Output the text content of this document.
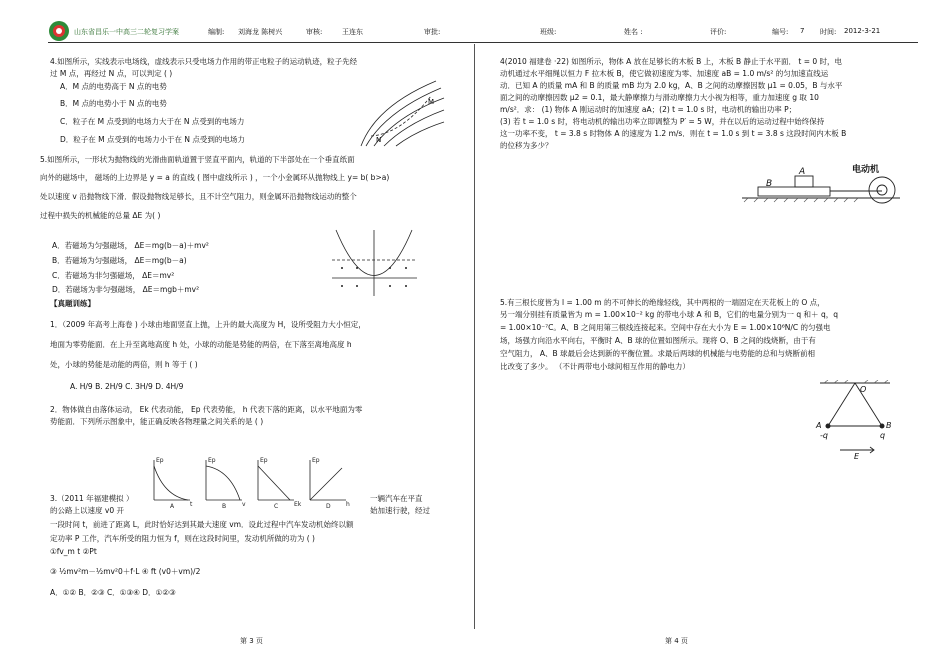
山东省昌乐一中高三二轮复习学案	编制: 刘海龙 陈树兴	审核:	王连东	审批:	班级:	姓名 :	评价:	编号: 7 时间: 2012-3-21
4.如图所示，实线表示电场线，虚线表示只受电场力作用的带正电粒子的运动轨迹，粒子先经
过 M 点，再经过 N 点，可以判定 ( )
A．M 点的电势高于 N 点的电势
B．M 点的电势小于 N 点的电势
C．粒子在 M 点受到的电场力大于在 N 点受到的电场力
D．粒子在 M 点受到的电场力小于在 N 点受到的电场力
M
N
5.如图所示，一形状为抛物线的光滑曲面轨道置于竖直平面内，轨道的下半部处在一个垂直纸面
向外的磁场中， 磁场的上边界是 y = a 的直线 ( 图中虚线所示 ) ，一个小金属环从抛物线上 y= b( b>a)
处以速度 v 沿抛物线下滑．假设抛物线足够长，且不计空气阻力，则金属环沿抛物线运动的整个
过程中损失的机械能的总量 ΔE 为( )
A．若磁场为匀强磁场， ΔE＝mg(b－a)＋mv²
B．若磁场为匀强磁场， ΔE＝mg(b－a)
C．若磁场为非匀强磁场， ΔE＝mv²
D．若磁场为非匀强磁场， ΔE＝mgb＋mv²
【真题训练】
1．（2009 年高考上海卷 ) 小球由地面竖直上抛，上升的最大高度为 H，设所受阻力大小恒定，
地面为零势能面．在上升至离地高度 h 处，小球的动能是势能的两倍，在下落至离地高度 h
处，小球的势能是动能的两倍，则 h 等于 ( )
A. H/9 B. 2H/9 C. 3H/9 D. 4H/9
2．物体做自由落体运动， Ek 代表动能， Ep 代表势能， h 代表下落的距离，以水平地面为零
势能面．下列所示图象中，能正确反映各物理量之间关系的是 ( )
Ep	Ep	Ep	Ep
t	v	Ek	h
A	B	C	D
3.（2011 年福建模拟 ）	一辆汽车在平直
的公路上以速度 v0 开	始加速行驶，经过
一段时间 t，前进了距离 L，此时恰好达到其最大速度 vm．设此过程中汽车发动机始终以额
定功率 P 工作，汽车所受的阻力恒为 f，则在这段时间里，发动机所做的功为 ( )
①fv_m t ②Pt
③ ½mv²m－½mv²0＋f·L ④ ft (v0＋vm)/2
A．①② B．②③ C．①③④ D．①②③
第 3 页
4(2010 福建卷 ·22) 如图所示，物体 A 放在足够长的木板 B 上，木板 B 静止于水平面． t = 0 时，电
动机通过水平细绳以恒力 F 拉木板 B，使它做初速度为零、加速度 aB = 1.0 m/s² 的匀加速直线运
动．已知 A 的质量 mA 和 B 的质量 mB 均为 2.0 kg，A、B 之间的动摩擦因数 μ1 = 0.05，B 与水平
面之间的动摩擦因数 μ2 = 0.1，最大静摩擦力与滑动摩擦力大小视为相等，重力加速度 g 取 10
m/s²．求： (1) 物体 A 刚运动时的加速度 aA；(2) t = 1.0 s 时，电动机的输出功率 P；
(3) 若 t = 1.0 s 时，将电动机的输出功率立即调整为 P′ = 5 W，并在以后的运动过程中始终保持
这一功率不变， t = 3.8 s 时物体 A 的速度为 1.2 m/s．则在 t = 1.0 s 到 t = 3.8 s 这段时间内木板 B
的位移为多少？
B
A	电动机
5.有三根长度皆为 l = 1.00 m 的不可伸长的绝缘轻线，其中两根的一端固定在天花板上的 O 点，
另一端分别挂有质量皆为 m = 1.00×10⁻² kg 的带电小球 A 和 B，它们的电量分别为一 q 和＋ q，q
= 1.00×10⁻⁷C。A、B 之间用第三根线连接起来。空间中存在大小为 E = 1.00×10⁶N/C 的匀强电
场，场强方向沿水平向右，平衡时 A、B 球的位置如图所示。现将 O、B 之间的线烧断，由于有
空气阻力， A、B 球最后会达到新的平衡位置。求最后两球的机械能与电势能的总和与烧断前相
比改变了多少。 （不计两带电小球间相互作用的静电力）
O
A	B
-q	q
E
第 4 页
